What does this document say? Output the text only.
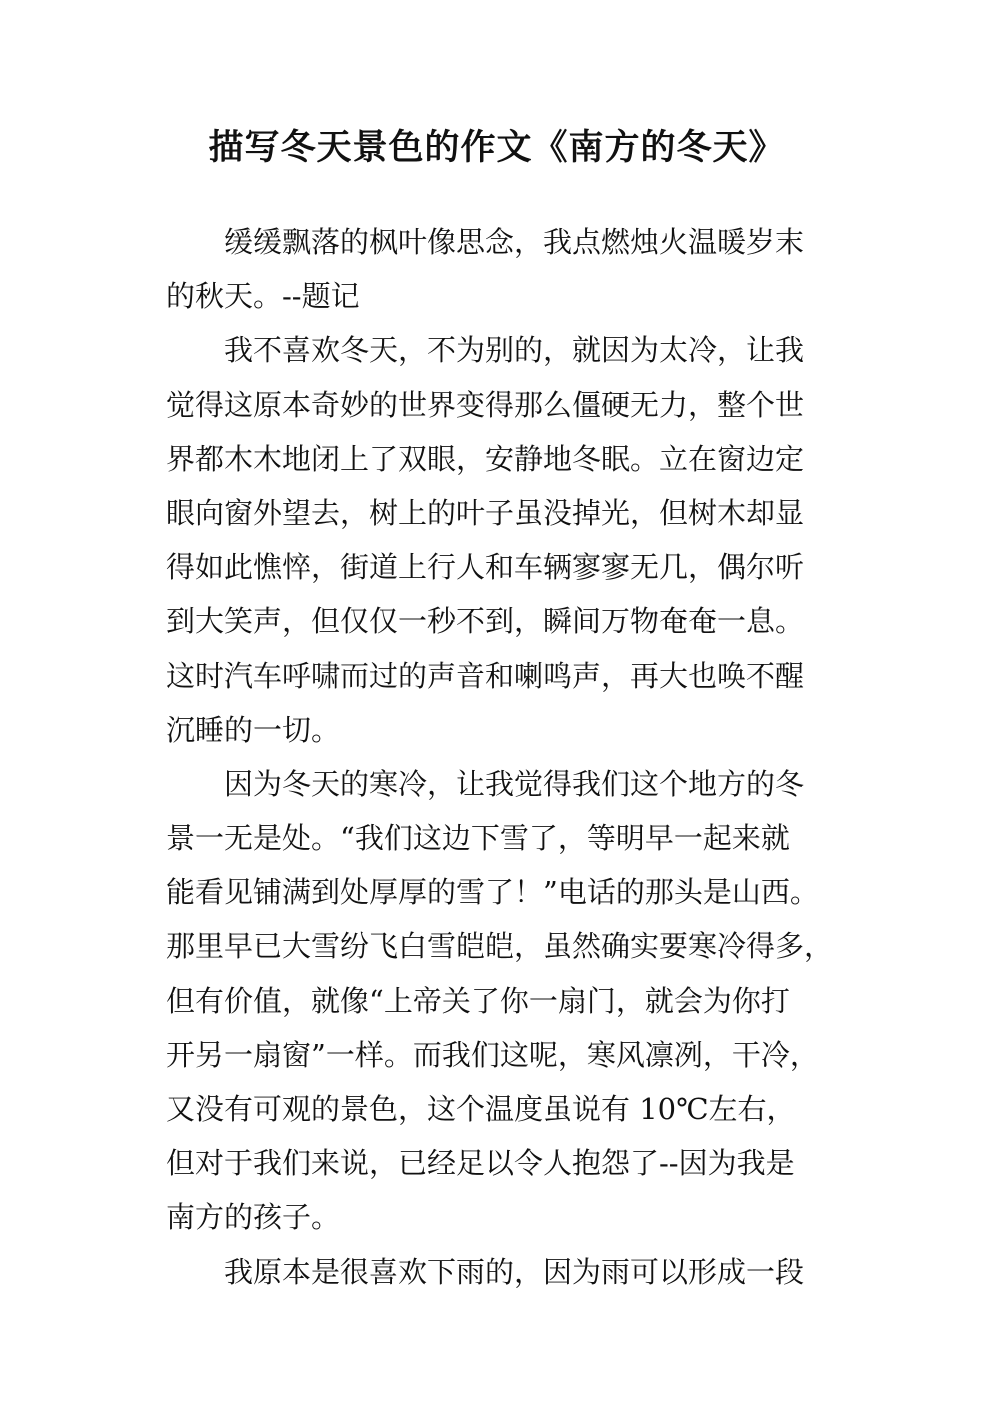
描写冬天景色的作文《南方的冬天》
缓缓飘落的枫叶像思念，我点燃烛火温暖岁末
的秋天。--题记
我不喜欢冬天，不为别的，就因为太冷，让我
觉得这原本奇妙的世界变得那么僵硬无力，整个世
界都木木地闭上了双眼，安静地冬眠。立在窗边定
眼向窗外望去，树上的叶子虽没掉光，但树木却显
得如此憔悴，街道上行人和车辆寥寥无几，偶尔听
到大笑声，但仅仅一秒不到，瞬间万物奄奄一息。
这时汽车呼啸而过的声音和喇鸣声，再大也唤不醒
沉睡的一切。
因为冬天的寒冷，让我觉得我们这个地方的冬
景一无是处。“我们这边下雪了，等明早一起来就
能看见铺满到处厚厚的雪了！”电话的那头是山西。
那里早已大雪纷飞白雪皑皑，虽然确实要寒冷得多，
但有价值，就像“上帝关了你一扇门，就会为你打
开另一扇窗”一样。而我们这呢，寒风凛冽，干冷，
又没有可观的景色，这个温度虽说有 10℃左右，
但对于我们来说，已经足以令人抱怨了--因为我是
南方的孩子。
我原本是很喜欢下雨的，因为雨可以形成一段
